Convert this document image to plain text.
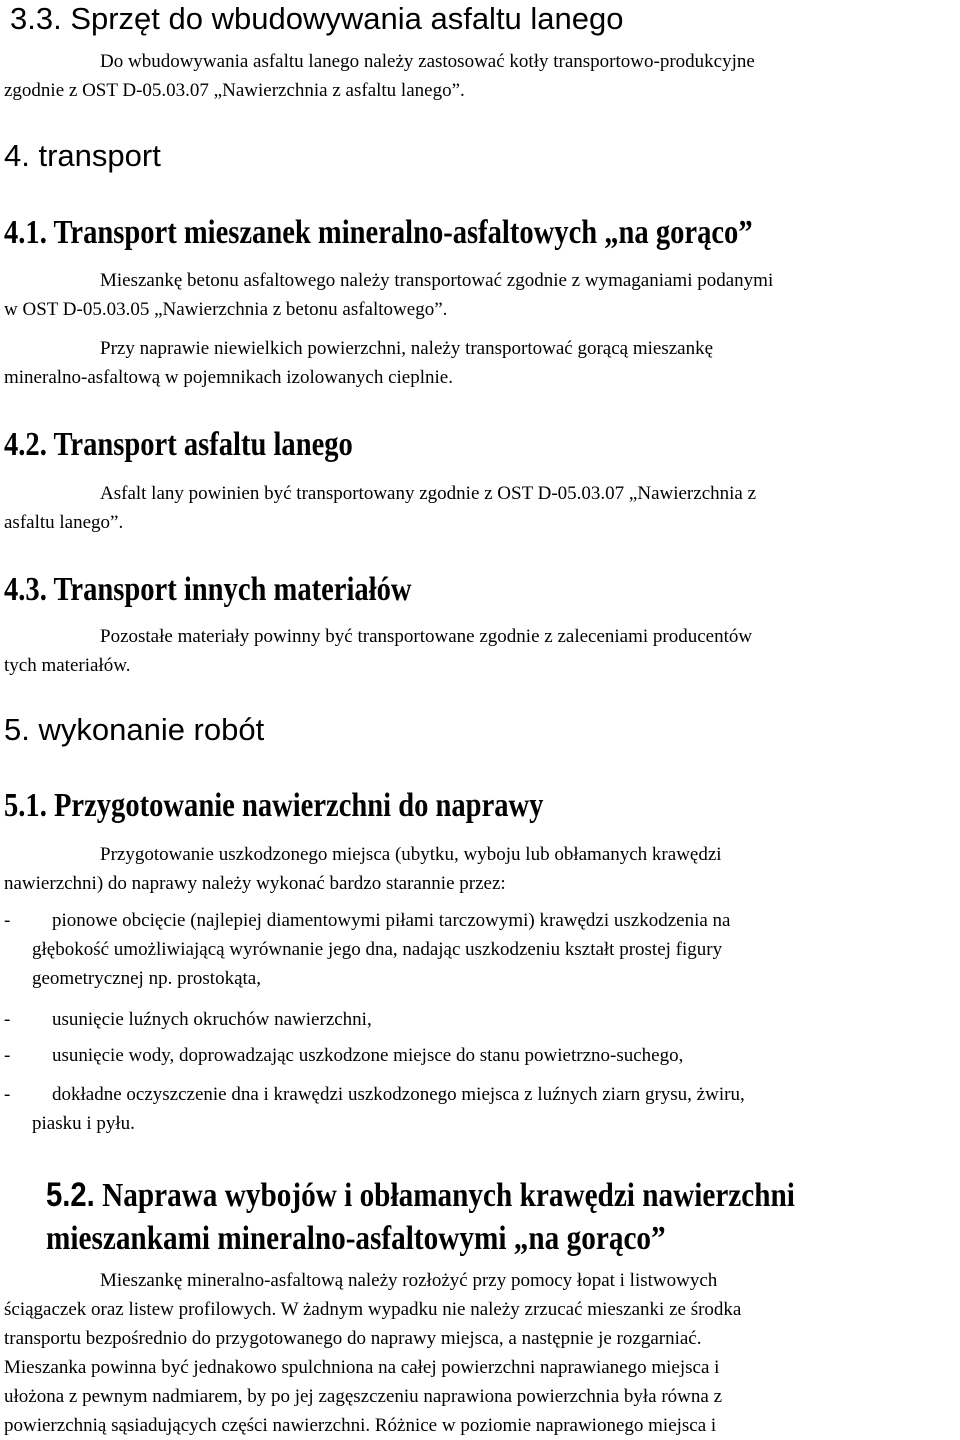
3.3. Sprzęt do wbudowywania asfaltu lanego

Do wbudowywania asfaltu lanego należy zastosować kotły transportowo-produkcyjne
zgodnie z OST D-05.03.07 „Nawierzchnia z asfaltu lanego”.

4. transport
4.1. Transport mieszanek mineralno-asfaltowych „na gorąco”

Mieszankę betonu asfaltowego należy transportować zgodnie z wymaganiami podanymi
w OST D-05.03.05 „Nawierzchnia z betonu asfaltowego”.

Przy naprawie niewielkich powierzchni, należy transportować gorącą mieszankę
mineralno-asfaltową w pojemnikach izolowanych cieplnie.

4.2. Transport asfaltu lanego

Asfalt lany powinien być transportowany zgodnie z OST D-05.03.07 „Nawierzchnia z
asfaltu lanego”.

4.3. Transport innych materiałów

Pozostałe materiały powinny być transportowane zgodnie z zaleceniami producentów
tych materiałów.

5. wykonanie robót
5.1. Przygotowanie nawierzchni do naprawy

Przygotowanie uszkodzonego miejsca (ubytku, wyboju lub obłamanych krawędzi
nawierzchni) do naprawy należy wykonać bardzo starannie przez:

-	pionowe obcięcie (najlepiej diamentowymi piłami tarczowymi) krawędzi uszkodzenia na
głębokość umożliwiającą wyrównanie jego dna, nadając uszkodzeniu kształt prostej figury
geometrycznej np. prostokąta,
- usunięcie luźnych okruchów nawierzchni,
- usunięcie wody, doprowadzając uszkodzone miejsce do stanu powietrzno-suchego,
-	dokładne oczyszczenie dna i krawędzi uszkodzonego miejsca z luźnych ziarn grysu, żwiru,
piasku i pyłu.
5.2. Naprawa wybojów i obłamanych krawędzi nawierzchni
mieszankami mineralno-asfaltowymi „na gorąco”

Mieszankę mineralno-asfaltową należy rozłożyć przy pomocy łopat i listwowych
ściągaczek oraz listew profilowych. W żadnym wypadku nie należy zrzucać mieszanki ze środka
transportu bezpośrednio do przygotowanego do naprawy miejsca, a następnie je rozgarniać.
Mieszanka powinna być jednakowo spulchniona na całej powierzchni naprawianego miejsca i
ułożona z pewnym nadmiarem, by po jej zagęszczeniu naprawiona powierzchnia była równa z
powierzchnią sąsiadujących części nawierzchni. Różnice w poziomie naprawionego miejsca i
